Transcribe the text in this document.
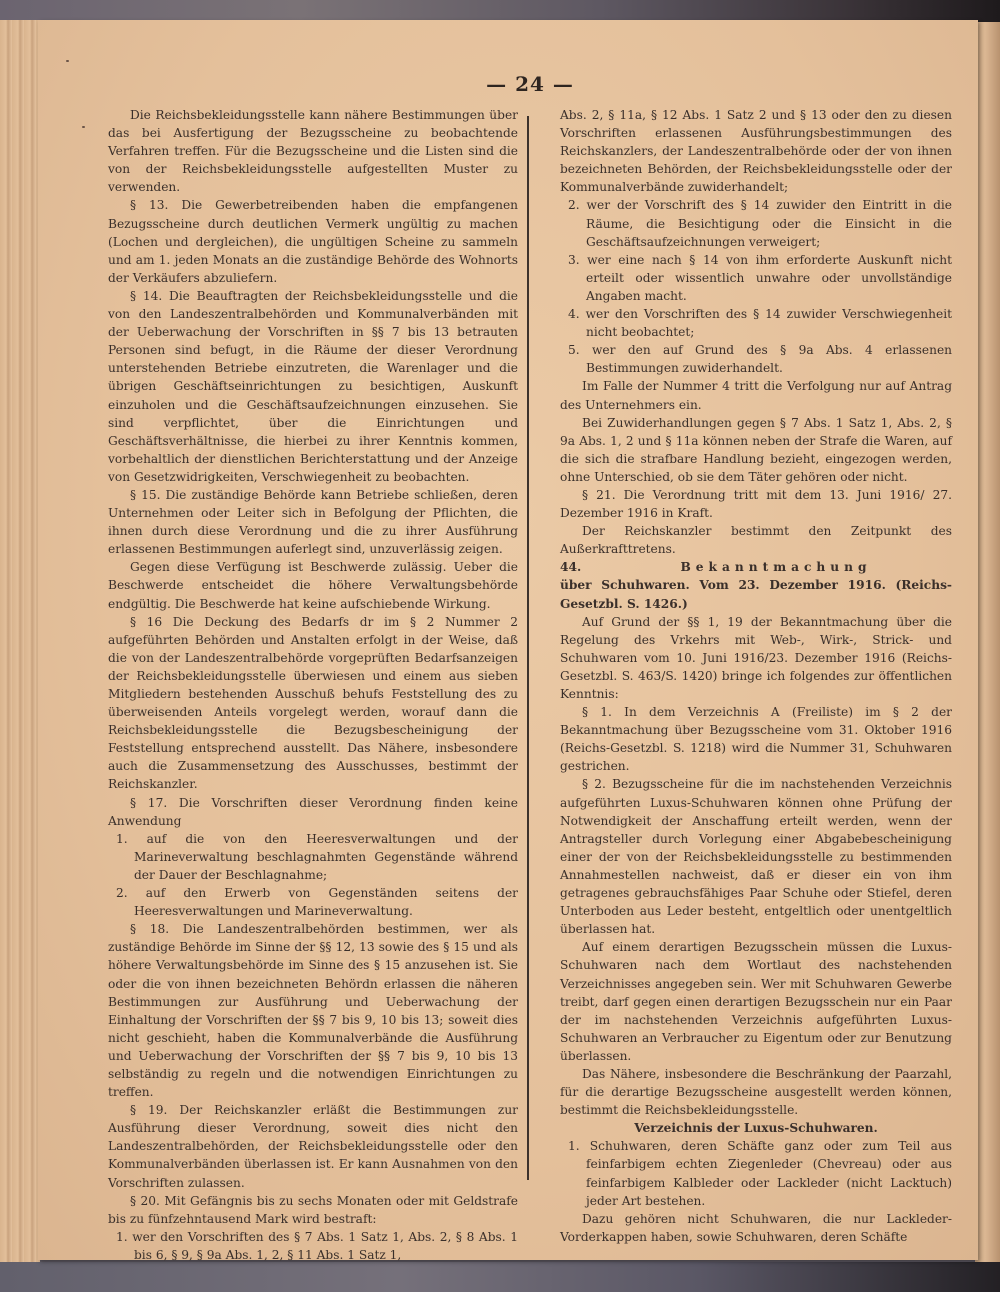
— 24 —

Die Reichsbekleidungsstelle kann nähere Bestimmungen über das bei Ausfertigung der Bezugsscheine zu beobachtende Verfahren treffen. Für die Bezugsscheine und die Listen sind die von der Reichsbekleidungsstelle aufgestellten Muster zu verwenden.

§ 13. Die Gewerbetreibenden haben die empfangenen Bezugsscheine durch deutlichen Vermerk ungültig zu machen (Lochen und dergleichen), die ungültigen Scheine zu sammeln und am 1. jeden Monats an die zuständige Behörde des Wohnorts der Verkäufers abzuliefern.

§ 14. Die Beauftragten der Reichsbekleidungsstelle und die von den Landeszentralbehörden und Kommunalverbänden mit der Ueberwachung der Vorschriften in §§ 7 bis 13 betrauten Personen sind befugt, in die Räume der dieser Verordnung unterstehenden Betriebe einzutreten, die Warenlager und die übrigen Geschäftseinrichtungen zu besichtigen, Auskunft einzuholen und die Geschäftsaufzeichnungen einzusehen. Sie sind verpflichtet, über die Einrichtungen und Geschäftsverhältnisse, die hierbei zu ihrer Kenntnis kommen, vorbehaltlich der dienstlichen Berichterstattung und der Anzeige von Gesetzwidrigkeiten, Verschwiegenheit zu beobachten.

§ 15. Die zuständige Behörde kann Betriebe schließen, deren Unternehmen oder Leiter sich in Befolgung der Pflichten, die ihnen durch diese Verordnung und die zu ihrer Ausführung erlassenen Bestimmungen auferlegt sind, unzuverlässig zeigen.

Gegen diese Verfügung ist Beschwerde zulässig. Ueber die Beschwerde entscheidet die höhere Verwaltungsbehörde endgültig. Die Beschwerde hat keine aufschiebende Wirkung.

§ 16 Die Deckung des Bedarfs dr im § 2 Nummer 2 aufgeführten Behörden und Anstalten erfolgt in der Weise, daß die von der Landeszentralbehörde vorgeprüften Bedarfsanzeigen der Reichsbekleidungsstelle überwiesen und einem aus sieben Mitgliedern bestehenden Ausschuß behufs Feststellung des zu überweisenden Anteils vorgelegt werden, worauf dann die Reichsbekleidungsstelle die Bezugsbescheinigung der Feststellung entsprechend ausstellt. Das Nähere, insbesondere auch die Zusammensetzung des Ausschusses, bestimmt der Reichskanzler.

§ 17. Die Vorschriften dieser Verordnung finden keine Anwendung

1. auf die von den Heeresverwaltungen und der Marineverwaltung beschlagnahmten Gegenstände während der Dauer der Beschlagnahme;

2. auf den Erwerb von Gegenständen seitens der Heeresverwaltungen und Marineverwaltung.

§ 18. Die Landeszentralbehörden bestimmen, wer als zuständige Behörde im Sinne der §§ 12, 13 sowie des § 15 und als höhere Verwaltungsbehörde im Sinne des § 15 anzusehen ist. Sie oder die von ihnen bezeichneten Behördn erlassen die näheren Bestimmungen zur Ausführung und Ueberwachung der Einhaltung der Vorschriften der §§ 7 bis 9, 10 bis 13; soweit dies nicht geschieht, haben die Kommunalverbände die Ausführung und Ueberwachung der Vorschriften der §§ 7 bis 9, 10 bis 13 selbständig zu regeln und die notwendigen Einrichtungen zu treffen.

§ 19. Der Reichskanzler erläßt die Bestimmungen zur Ausführung dieser Verordnung, soweit dies nicht den Landeszentralbehörden, der Reichsbekleidungsstelle oder den Kommunalverbänden überlassen ist. Er kann Ausnahmen von den Vorschriften zulassen.

§ 20. Mit Gefängnis bis zu sechs Monaten oder mit Geldstrafe bis zu fünfzehntausend Mark wird bestraft:

1. wer den Vorschriften des § 7 Abs. 1 Satz 1, Abs. 2, § 8 Abs. 1 bis 6, § 9, § 9a Abs. 1, 2, § 11 Abs. 1 Satz 1,

Abs. 2, § 11a, § 12 Abs. 1 Satz 2 und § 13 oder den zu diesen Vorschriften erlassenen Ausführungsbestimmungen des Reichskanzlers, der Landeszentralbehörde oder der von ihnen bezeichneten Behörden, der Reichsbekleidungsstelle oder der Kommunalverbände zuwiderhandelt;

2. wer der Vorschrift des § 14 zuwider den Eintritt in die Räume, die Besichtigung oder die Einsicht in die Geschäftsaufzeichnungen verweigert;

3. wer eine nach § 14 von ihm erforderte Auskunft nicht erteilt oder wissentlich unwahre oder unvollständige Angaben macht.

4. wer den Vorschriften des § 14 zuwider Verschwiegenheit nicht beobachtet;

5. wer den auf Grund des § 9a Abs. 4 erlassenen Bestimmungen zuwiderhandelt.

Im Falle der Nummer 4 tritt die Verfolgung nur auf Antrag des Unternehmers ein.

Bei Zuwiderhandlungen gegen § 7 Abs. 1 Satz 1, Abs. 2, § 9a Abs. 1, 2 und § 11a können neben der Strafe die Waren, auf die sich die strafbare Handlung bezieht, eingezogen werden, ohne Unterschied, ob sie dem Täter gehören oder nicht.

§ 21. Die Verordnung tritt mit dem 13. Juni 1916/ 27. Dezember 1916 in Kraft.

Der Reichskanzler bestimmt den Zeitpunkt des Außerkrafttretens.

44.	Bekanntmachung

über Schuhwaren. Vom 23. Dezember 1916. (Reichs-Gesetzbl. S. 1426.)

Auf Grund der §§ 1, 19 der Bekanntmachung über die Regelung des Vrkehrs mit Web-, Wirk-, Strick- und Schuhwaren vom 10. Juni 1916/23. Dezember 1916 (Reichs-Gesetzbl. S. 463/S. 1420) bringe ich folgendes zur öffentlichen Kenntnis:

§ 1. In dem Verzeichnis A (Freiliste) im § 2 der Bekanntmachung über Bezugsscheine vom 31. Oktober 1916 (Reichs-Gesetzbl. S. 1218) wird die Nummer 31, Schuhwaren gestrichen.

§ 2. Bezugsscheine für die im nachstehenden Verzeichnis aufgeführten Luxus-Schuhwaren können ohne Prüfung der Notwendigkeit der Anschaffung erteilt werden, wenn der Antragsteller durch Vorlegung einer Abgabebescheinigung einer der von der Reichsbekleidungsstelle zu bestimmenden Annahmestellen nachweist, daß er dieser ein von ihm getragenes gebrauchsfähiges Paar Schuhe oder Stiefel, deren Unterboden aus Leder besteht, entgeltlich oder unentgeltlich überlassen hat.

Auf einem derartigen Bezugsschein müssen die Luxus-Schuhwaren nach dem Wortlaut des nachstehenden Verzeichnisses angegeben sein. Wer mit Schuhwaren Gewerbe treibt, darf gegen einen derartigen Bezugsschein nur ein Paar der im nachstehenden Verzeichnis aufgeführten Luxus-Schuhwaren an Verbraucher zu Eigentum oder zur Benutzung überlassen.

Das Nähere, insbesondere die Beschränkung der Paarzahl, für die derartige Bezugsscheine ausgestellt werden können, bestimmt die Reichsbekleidungsstelle.

Verzeichnis der Luxus-Schuhwaren.

1. Schuhwaren, deren Schäfte ganz oder zum Teil aus feinfarbigem echten Ziegenleder (Chevreau) oder aus feinfarbigem Kalbleder oder Lackleder (nicht Lacktuch) jeder Art bestehen.

Dazu gehören nicht Schuhwaren, die nur Lackleder-Vorderkappen haben, sowie Schuhwaren, deren Schäfte
